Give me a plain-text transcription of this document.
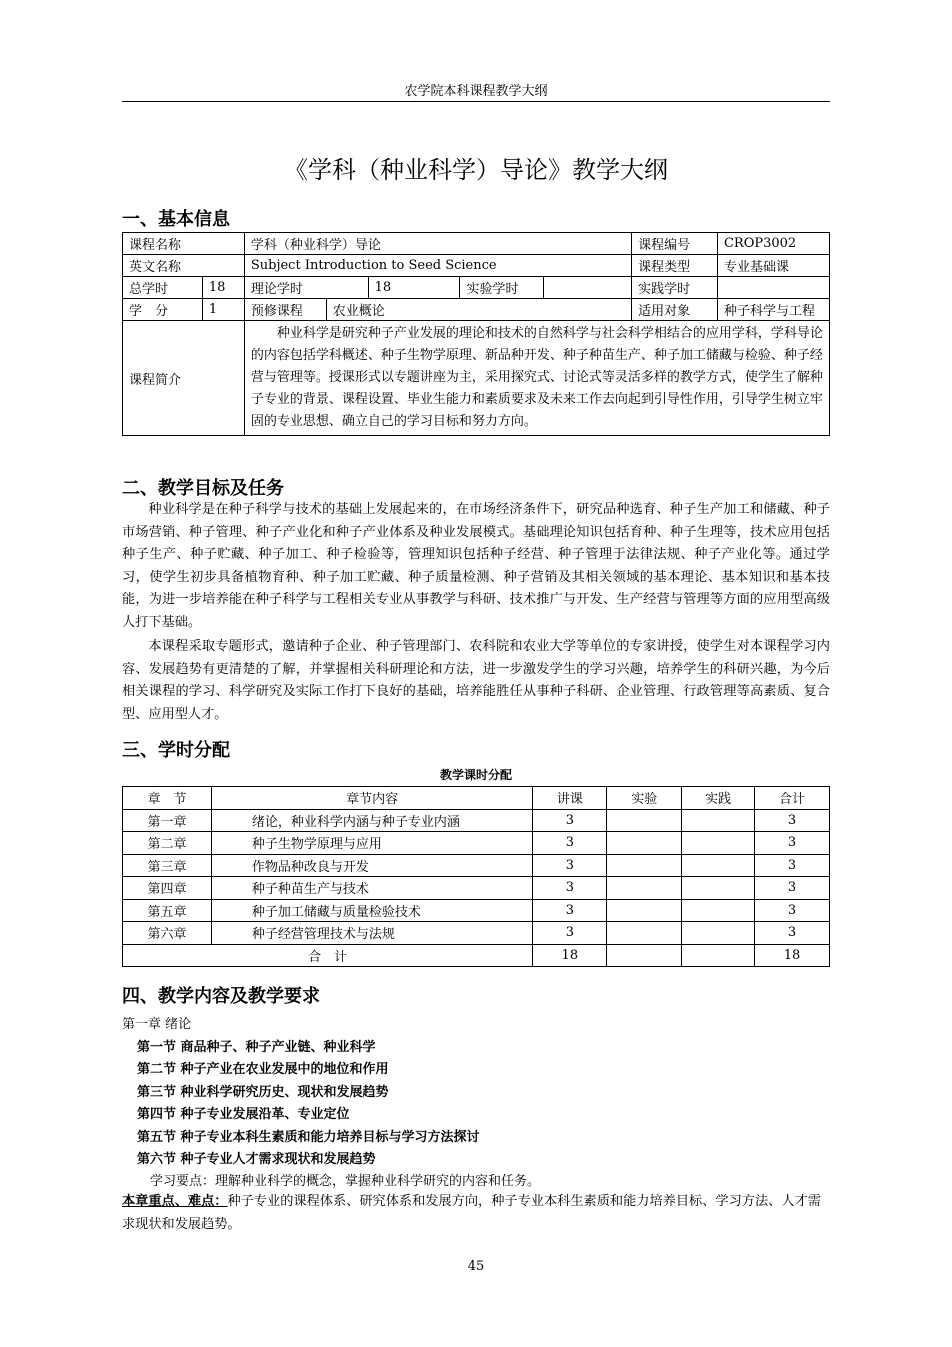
农学院本科课程教学大纲
《学科（种业科学）导论》教学大纲
一、基本信息
课程名称		学科（种业科学）导论					课程编号	CROP3002
英文名称		Subject Introduction to Seed Science					课程类型	专业基础课
总学时	18	理论学时		18	实验学时		实践学时	
学　分	1	预修课程	农业概论				适用对象	种子科学与工程
课程简介		种业科学是研究种子产业发展的理论和技术的自然科学与社会科学相结合的应用学科，学科导论的内容包括学科概述、种子生物学原理、新品种开发、种子种苗生产、种子加工储藏与检验、种子经营与管理等。授课形式以专题讲座为主，采用探究式、讨论式等灵活多样的教学方式，使学生了解种子专业的背景、课程设置、毕业生能力和素质要求及未来工作去向起到引导性作用，引导学生树立牢固的专业思想、确立自己的学习目标和努力方向。						
二、教学目标及任务

种业科学是在种子科学与技术的基础上发展起来的，在市场经济条件下，研究品种选育、种子生产加工和储藏、种子市场营销、种子管理、种子产业化和种子产业体系及种业发展模式。基础理论知识包括育种、种子生理等，技术应用包括种子生产、种子贮藏、种子加工、种子检验等，管理知识包括种子经营、种子管理于法律法规、种子产业化等。通过学习，使学生初步具备植物育种、种子加工贮藏、种子质量检测、种子营销及其相关领域的基本理论、基本知识和基本技能，为进一步培养能在种子科学与工程相关专业从事教学与科研、技术推广与开发、生产经营与管理等方面的应用型高级人打下基础。

本课程采取专题形式，邀请种子企业、种子管理部门、农科院和农业大学等单位的专家讲授，使学生对本课程学习内容、发展趋势有更清楚的了解，并掌握相关科研理论和方法，进一步激发学生的学习兴趣，培养学生的科研兴趣，为今后相关课程的学习、科学研究及实际工作打下良好的基础，培养能胜任从事种子科研、企业管理、行政管理等高素质、复合型、应用型人才。

三、学时分配
教学课时分配
章　节	章节内容	讲课	实验	实践	合计
第一章	绪论，种业科学内涵与种子专业内涵	3			3
第二章	种子生物学原理与应用	3			3
第三章	作物品种改良与开发	3			3
第四章	种子种苗生产与技术	3			3
第五章	种子加工储藏与质量检验技术	3			3
第六章	种子经营管理技术与法规	3			3
合　计		18			18
四、教学内容及教学要求
第一章 绪论
第一节 商品种子、种子产业链、种业科学
第二节 种子产业在农业发展中的地位和作用
第三节 种业科学研究历史、现状和发展趋势
第四节 种子专业发展沿革、专业定位
第五节 种子专业本科生素质和能力培养目标与学习方法探讨
第六节 种子专业人才需求现状和发展趋势
学习要点：理解种业科学的概念，掌握种业科学研究的内容和任务。

本章重点、难点：种子专业的课程体系、研究体系和发展方向，种子专业本科生素质和能力培养目标、学习方法、人才需求现状和发展趋势。

45
